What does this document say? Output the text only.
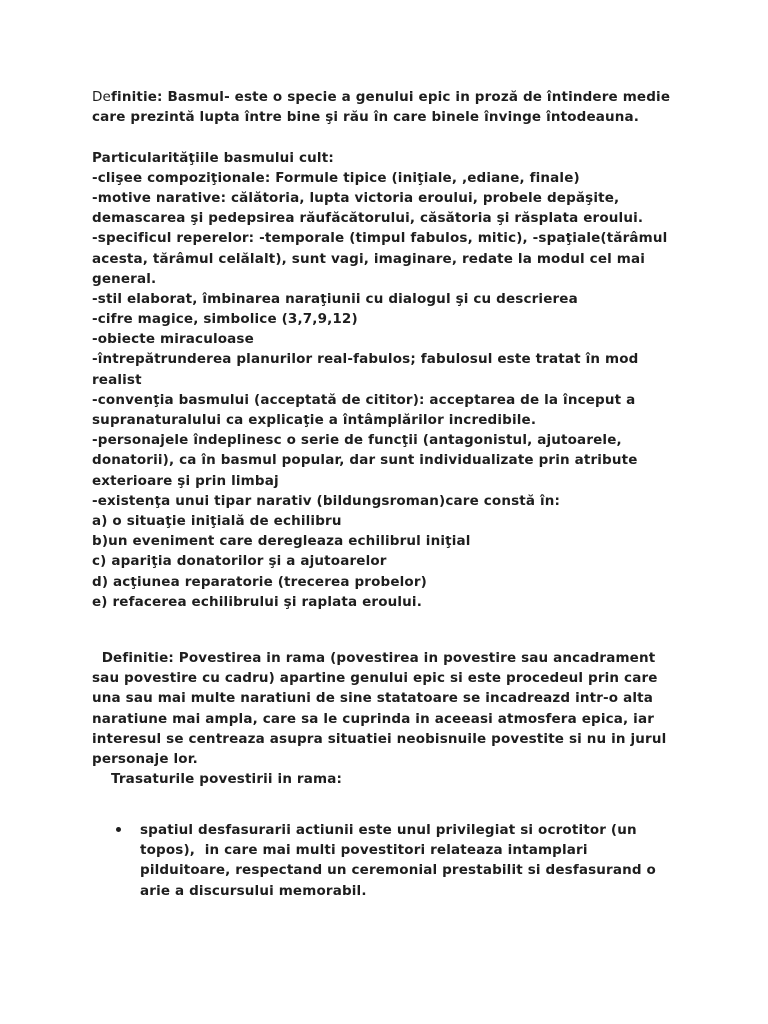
Definitie: Basmul- este o specie a genului epic in proză de întindere medie
care prezintă lupta între bine şi rău în care binele învinge întodeauna.
Particularităţiile basmului cult:
-clişee compoziţionale: Formule tipice (iniţiale, ,ediane, finale)
-motive narative: călătoria, lupta victoria eroului, probele depăşite,
demascarea şi pedepsirea răufăcătorului, căsătoria şi răsplata eroului.
-specificul reperelor: -temporale (timpul fabulos, mitic), -spaţiale(tărâmul
acesta, tărâmul celălalt), sunt vagi, imaginare, redate la modul cel mai
general.
-stil elaborat, îmbinarea naraţiunii cu dialogul şi cu descrierea
-cifre magice, simbolice (3,7,9,12)
-obiecte miraculoase
-întrepătrunderea planurilor real-fabulos; fabulosul este tratat în mod
realist
-convenţia basmului (acceptată de cititor): acceptarea de la început a
supranaturalului ca explicaţie a întâmplărilor incredibile.
-personajele îndeplinesc o serie de funcţii (antagonistul, ajutoarele,
donatorii), ca în basmul popular, dar sunt individualizate prin atribute
exterioare şi prin limbaj
-existenţa unui tipar narativ (bildungsroman)care constă în:
a) o situaţie iniţială de echilibru
b)un eveniment care deregleaza echilibrul iniţial
c) apariţia donatorilor şi a ajutoarelor
d) acţiunea reparatorie (trecerea probelor)
e) refacerea echilibrului şi raplata eroului.
Definitie: Povestirea in rama (povestirea in povestire sau ancadrament
sau povestire cu cadru) apartine genului epic si este procedeul prin care
una sau mai multe naratiuni de sine statatoare se incadreazd intr-o alta
naratiune mai ampla, care sa le cuprinda in aceeasi atmosfera epica, iar
interesul se centreaza asupra situatiei neobisnuile povestite si nu in jurul
personaje lor.
Trasaturile povestirii in rama:
spatiul desfasurarii actiunii este unul privilegiat si ocrotitor (un
topos),  in care mai multi povestitori relateaza intamplari
pilduitoare, respectand un ceremonial prestabilit si desfasurand o
arie a discursului memorabil.
